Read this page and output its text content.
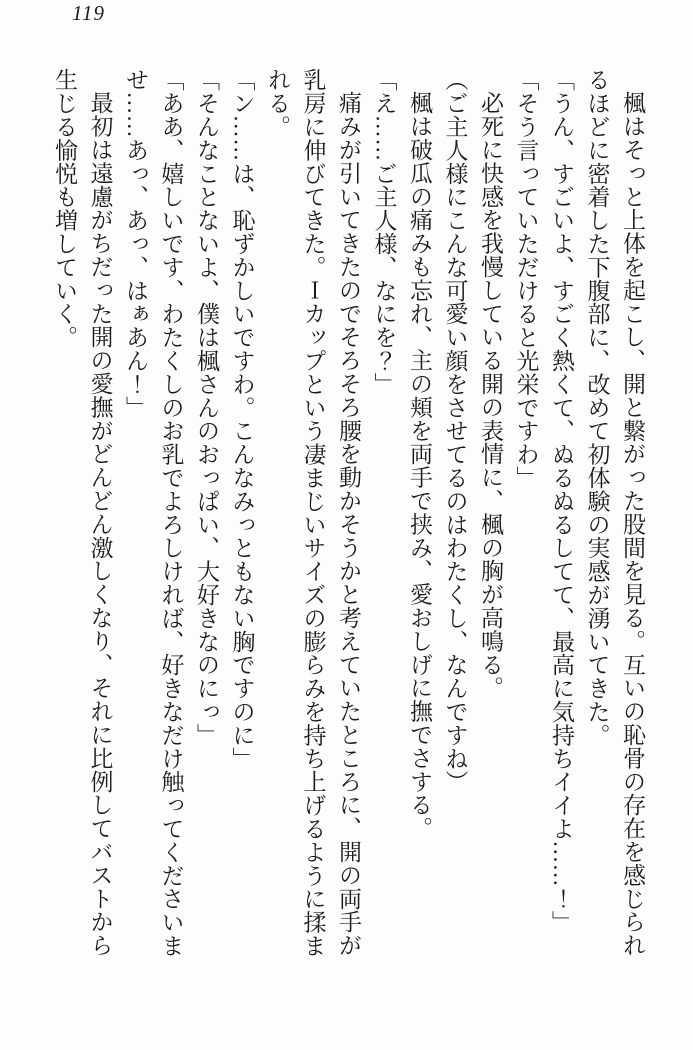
119

楓はそっと上体を起こし、開と繋がった股間を見る。互いの恥骨の存在を感じられるほどに密着した下腹部に、改めて初体験の実感が湧いてきた。

「うん、すごいよ、すごく熱くて、ぬるぬるしてて、最高に気持ちイイよ……！」

「そう言っていただけると光栄ですわ」

必死に快感を我慢している開の表情に、楓の胸が高鳴る。

（ご主人様にこんな可愛い顔をさせてるのはわたくし、なんですね）

楓は破瓜の痛みも忘れ、主の頬を両手で挟み、愛おしげに撫でさする。

「え……ご主人様、なにを？」

痛みが引いてきたのでそろそろ腰を動かそうかと考えていたところに、開の両手が乳房に伸びてきた。Ｉカップという凄まじいサイズの膨らみを持ち上げるように揉まれる。

「ン……は、恥ずかしいですわ。こんなみっともない胸ですのに」

「そんなことないよ、僕は楓さんのおっぱい、大好きなのにっ」

「ああ、嬉しいです、わたくしのお乳でよろしければ、好きなだけ触ってくださいませ……あっ、あっ、はぁあん！」

最初は遠慮がちだった開の愛撫がどんどん激しくなり、それに比例してバストから生じる愉悦も増していく。
